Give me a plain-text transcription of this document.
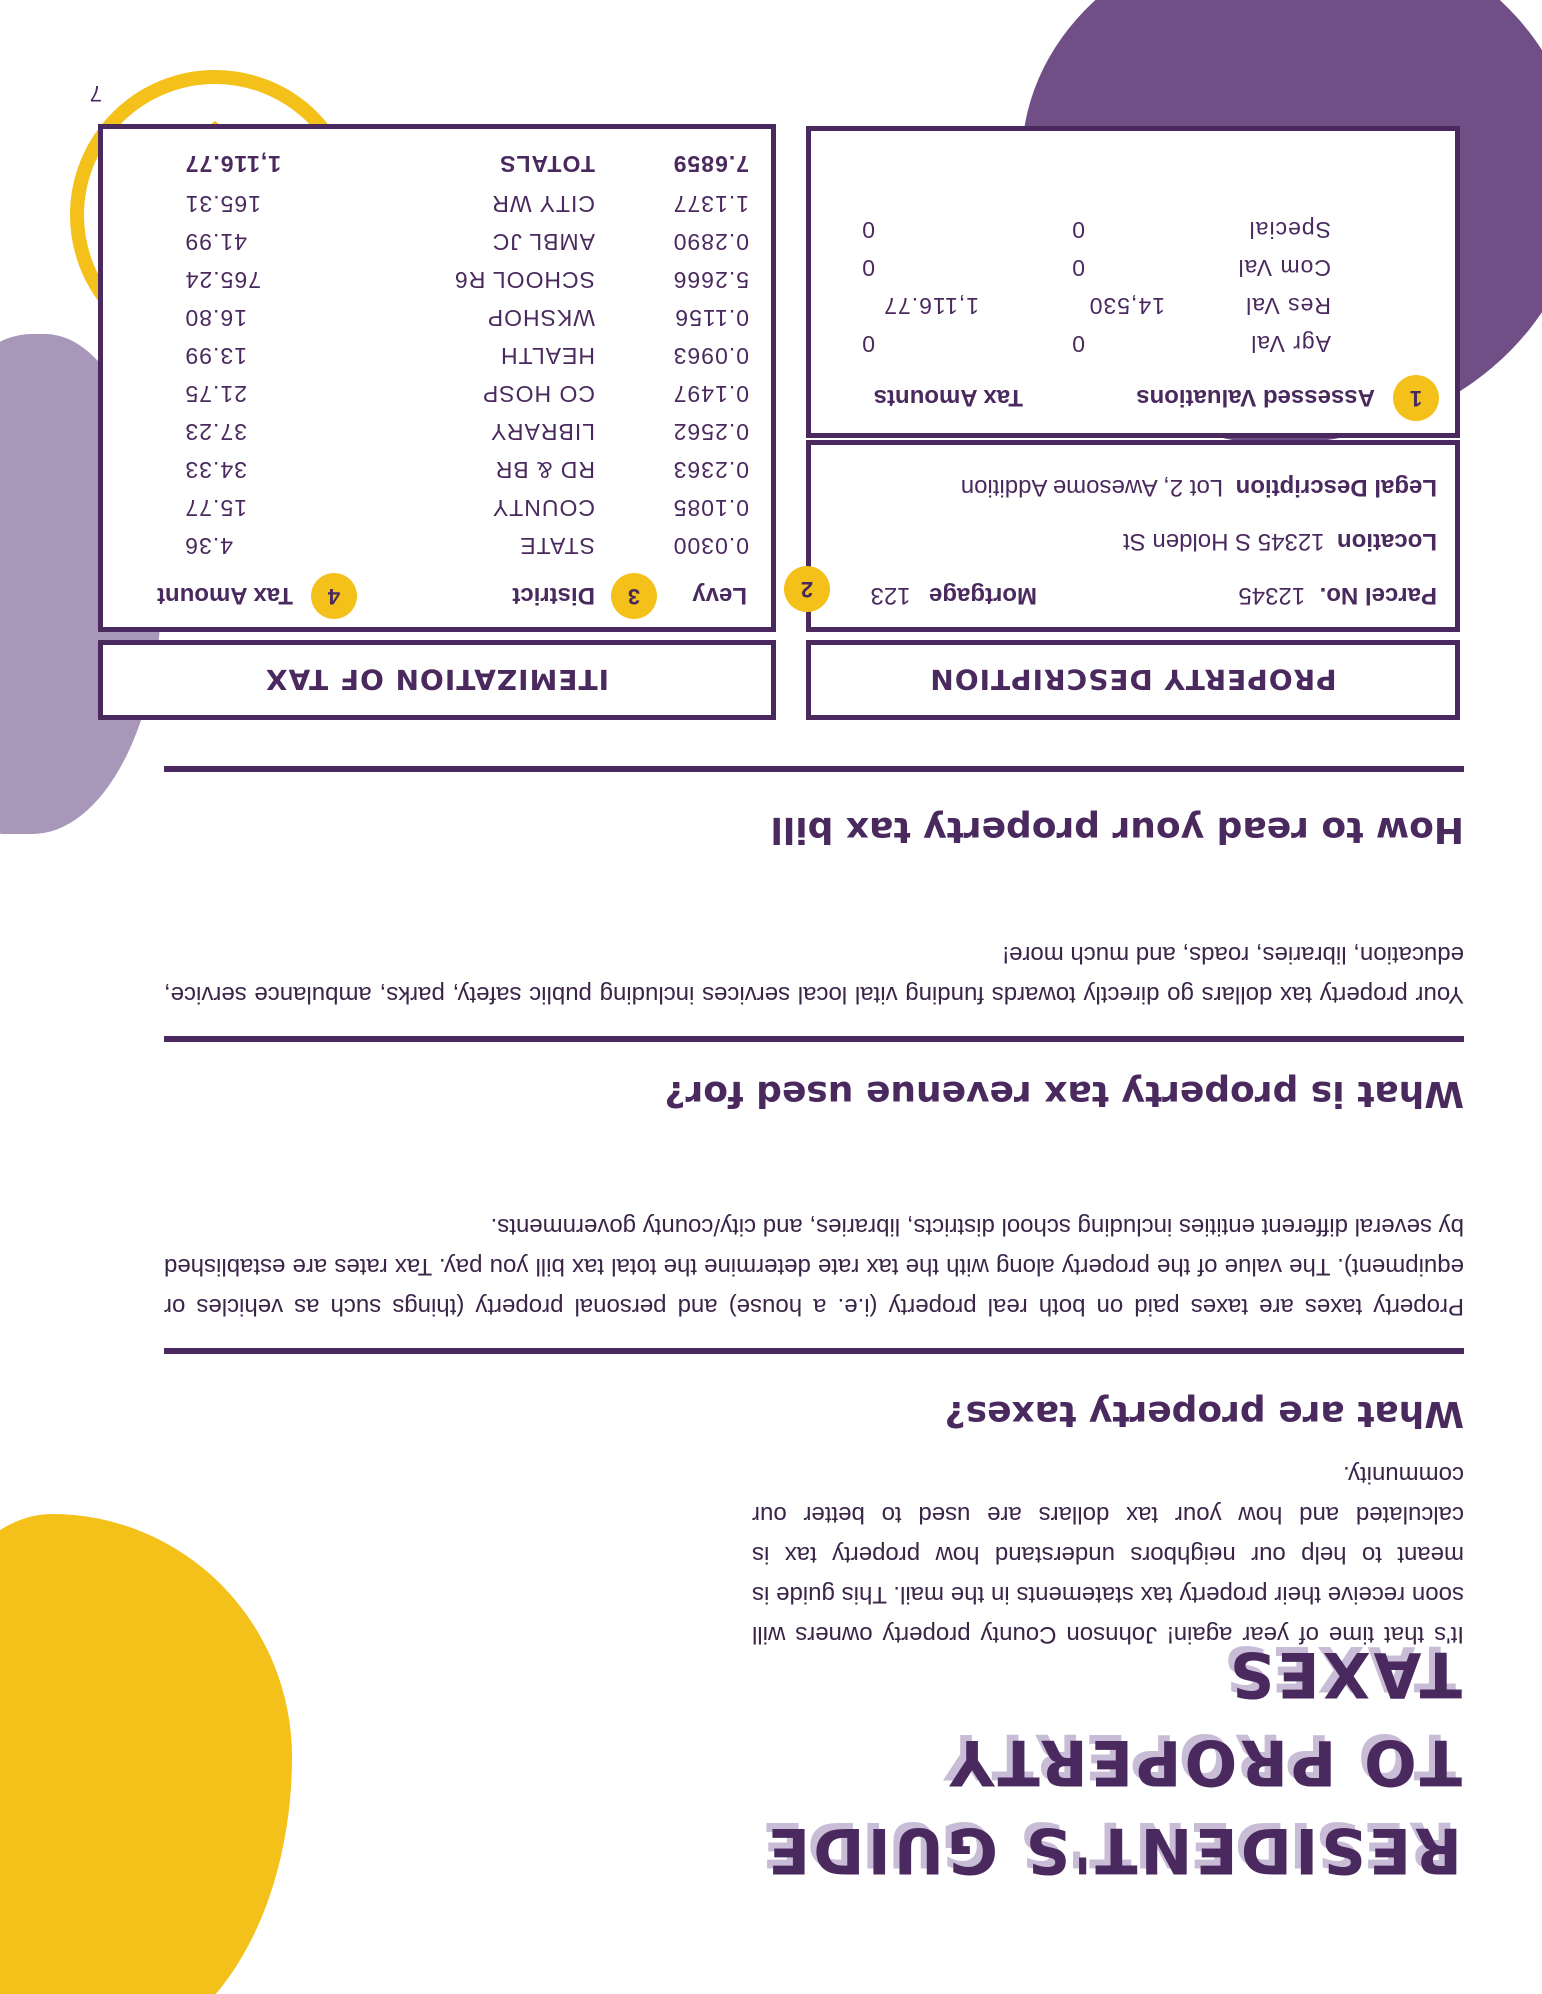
RESIDENT'S GUIDE TO PROPERTY TAXES
It's that time of year again! Johnson County property owners will soon receive their property tax statements in the mail. This guide is meant to help our neighbors understand how property tax is calculated and how your tax dollars are used to better our community.
What are property taxes?
Property taxes are taxes paid on both real property (i.e. a house) and personal property (things such as vehicles or equipment). The value of the property along with the tax rate determine the total tax bill you pay. Tax rates are established by several different entities including school districts, libraries, and city/county governments.
What is property tax revenue used for?
Your property tax dollars go directly towards funding vital local services including public safety, parks, ambulance service, education, libraries, roads, and much more!
How to read your property tax bill
PROPERTY DESCRIPTION
Parcel No. 12345
Mortgage 123
Location 12345 S Holden St
Legal Description Lot 2, Awesome Addition
2
1
Assessed Valuations
Tax Amounts
Agr Val
0
0
Res Val
14,530
1,116.77
Com Val
0
0
Special
0
0
ITEMIZATION OF TAX
Levy
3
District
4
Tax Amount
0.0300
STATE
4.36
0.1085
COUNTY
15.77
0.2363
RD & BR
34.33
0.2562
LIBRARY
37.23
0.1497
CO HOSP
21.75
0.0963
HEALTH
13.99
0.1156
WKSHOP
16.80
5.2666
SCHOOL R6
765.24
0.2890
AMBL JC
41.99
1.1377
CITY WR
165.31
7.6859
TOTALS
1,116.77
7
